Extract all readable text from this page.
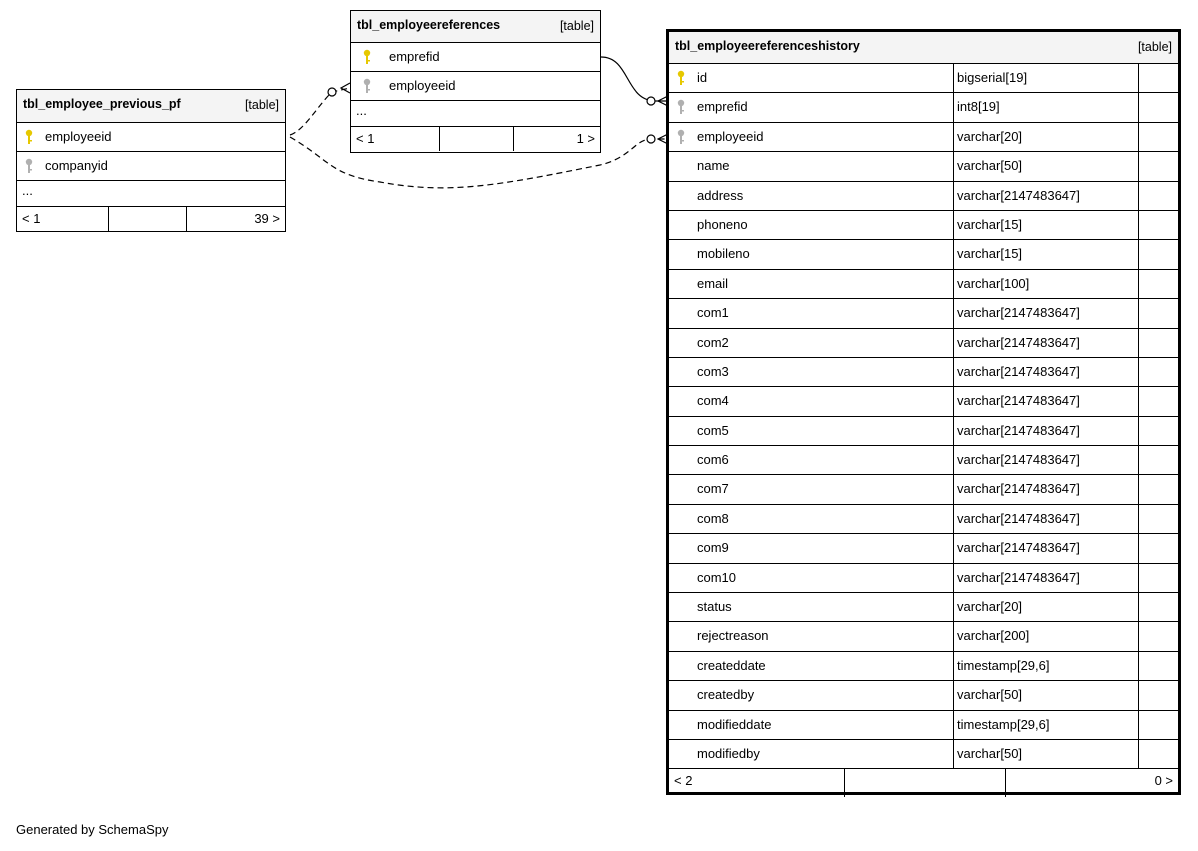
tbl_employee_previous_pf	[table]
employeeid
companyid
...
< 1	39 >
tbl_employeereferences	[table]
emprefid
employeeid
...
< 1	1 >
tbl_employeereferenceshistory	[table]
id	bigserial[19]
emprefid	int8[19]
employeeid	varchar[20]
name	varchar[50]
address	varchar[2147483647]
phoneno	varchar[15]
mobileno	varchar[15]
email	varchar[100]
com1	varchar[2147483647]
com2	varchar[2147483647]
com3	varchar[2147483647]
com4	varchar[2147483647]
com5	varchar[2147483647]
com6	varchar[2147483647]
com7	varchar[2147483647]
com8	varchar[2147483647]
com9	varchar[2147483647]
com10	varchar[2147483647]
status	varchar[20]
rejectreason	varchar[200]
createddate	timestamp[29,6]
createdby	varchar[50]
modifieddate	timestamp[29,6]
modifiedby	varchar[50]
< 2	0 >
Generated by SchemaSpy
